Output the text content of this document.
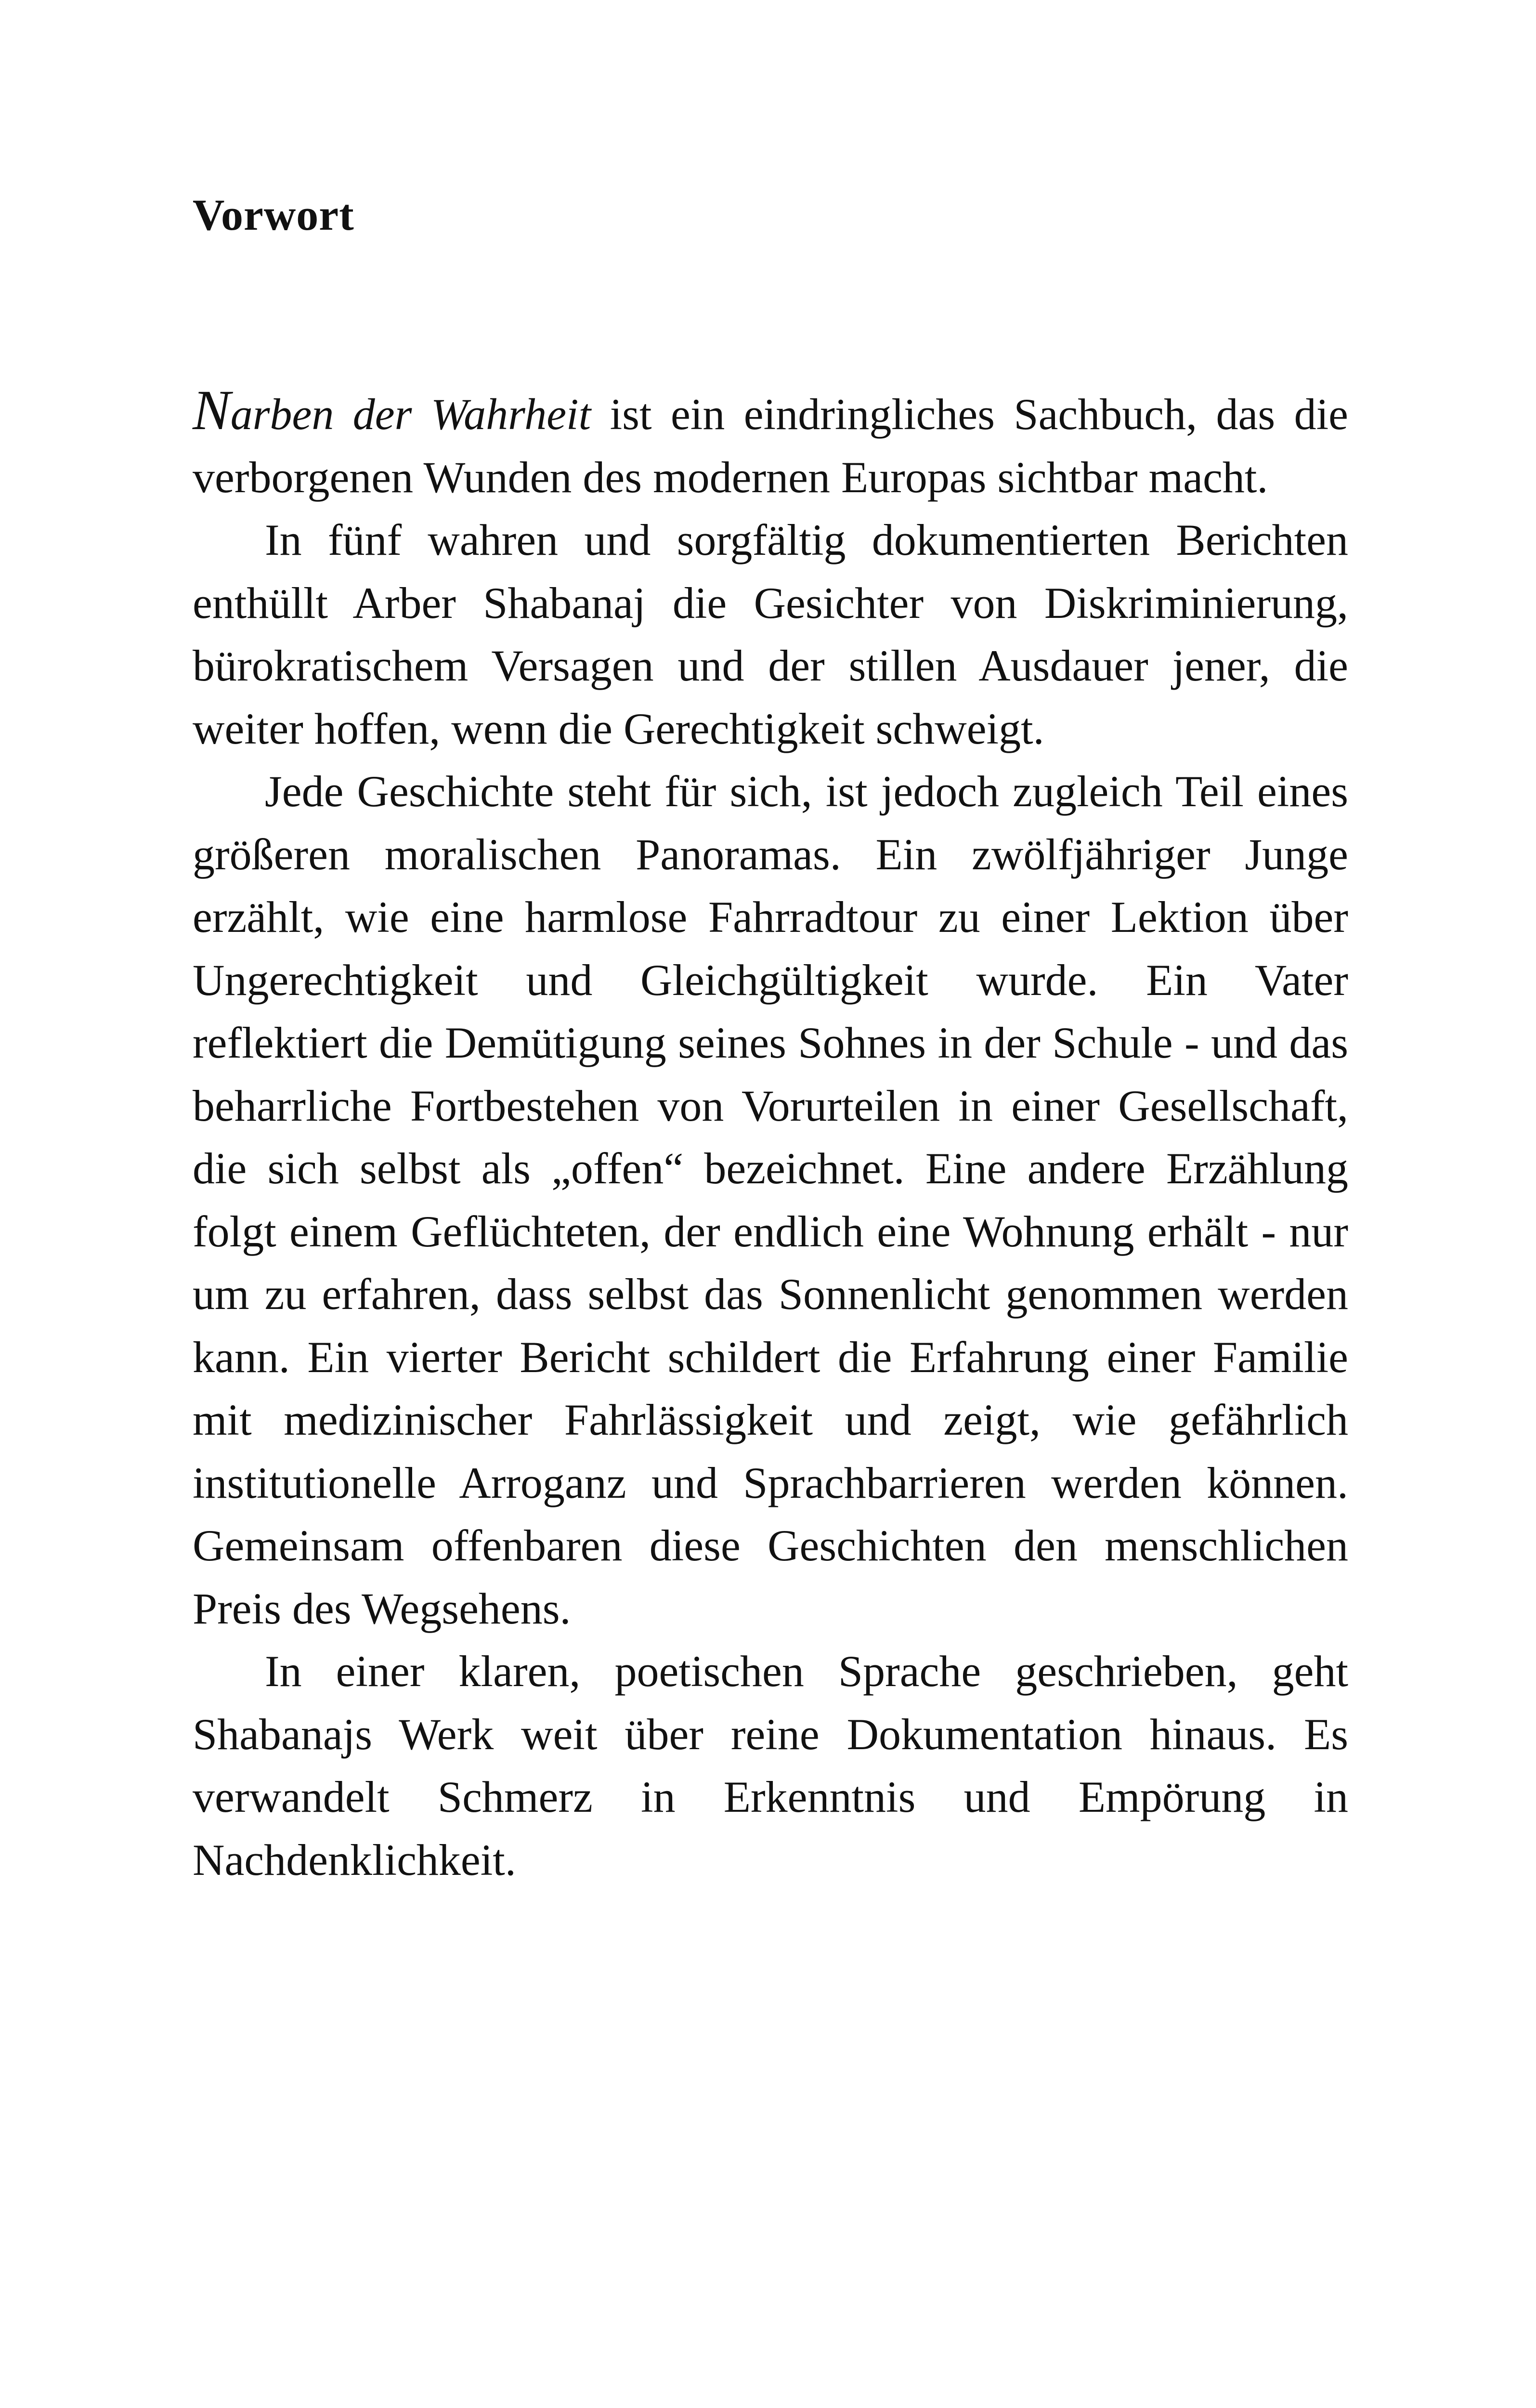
Vorwort

Narben der Wahrheit ist ein eindringliches Sachbuch, das die verborgenen Wunden des modernen Europas sichtbar macht.

In fünf wahren und sorgfältig dokumentierten Berichten enthüllt Arber Shabanaj die Gesichter von Diskriminierung, bürokratischem Versagen und der stillen Ausdauer jener, die weiter hoffen, wenn die Gerechtigkeit schweigt.

Jede Geschichte steht für sich, ist jedoch zugleich Teil eines größeren moralischen Panoramas. Ein zwölfjähriger Junge erzählt, wie eine harmlose Fahrradtour zu einer Lektion über Ungerechtigkeit und Gleichgültigkeit wurde. Ein Vater reflektiert die Demütigung seines Sohnes in der Schule - und das beharrliche Fortbestehen von Vorurteilen in einer Gesellschaft, die sich selbst als „offen“ bezeichnet. Eine andere Erzählung folgt einem Geflüchteten, der endlich eine Wohnung erhält - nur um zu erfahren, dass selbst das Sonnenlicht genommen werden kann. Ein vierter Bericht schildert die Erfahrung einer Familie mit medizinischer Fahrlässigkeit und zeigt, wie gefährlich institutionelle Arroganz und Sprachbarrieren werden können. Gemeinsam offenbaren diese Geschichten den menschlichen Preis des Wegsehens.

In einer klaren, poetischen Sprache geschrieben, geht Shabanajs Werk weit über reine Dokumentation hinaus. Es verwandelt Schmerz in Erkenntnis und Empörung in Nachdenklichkeit.
